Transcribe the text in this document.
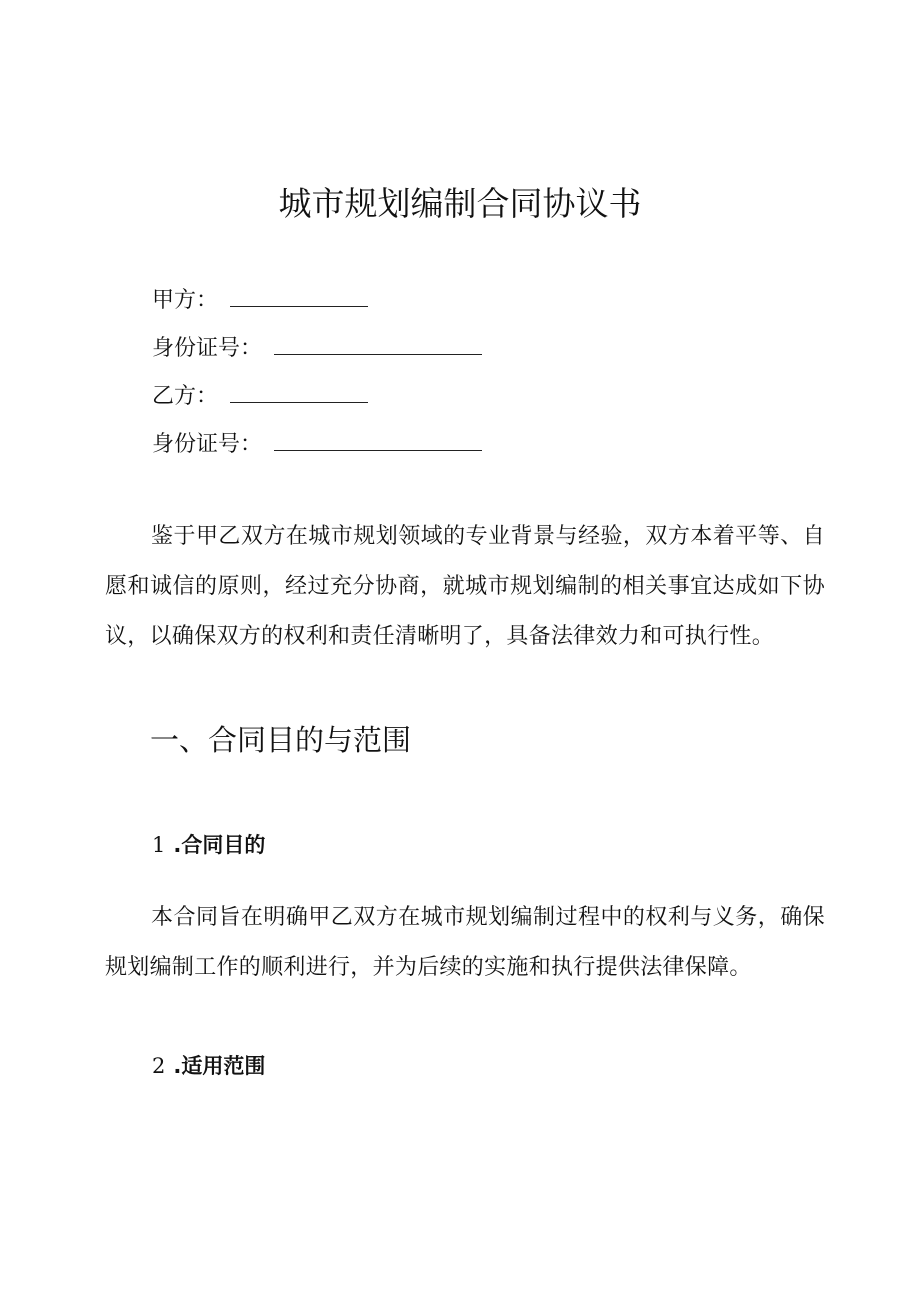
城市规划编制合同协议书
甲方：
身份证号：
乙方：
身份证号：

鉴于甲乙双方在城市规划领域的专业背景与经验，双方本着平等、自愿和诚信的原则，经过充分协商，就城市规划编制的相关事宜达成如下协议，以确保双方的权利和责任清晰明了，具备法律效力和可执行性。

一、合同目的与范围
1 .合同目的

本合同旨在明确甲乙双方在城市规划编制过程中的权利与义务，确保规划编制工作的顺利进行，并为后续的实施和执行提供法律保障。

2 .适用范围
